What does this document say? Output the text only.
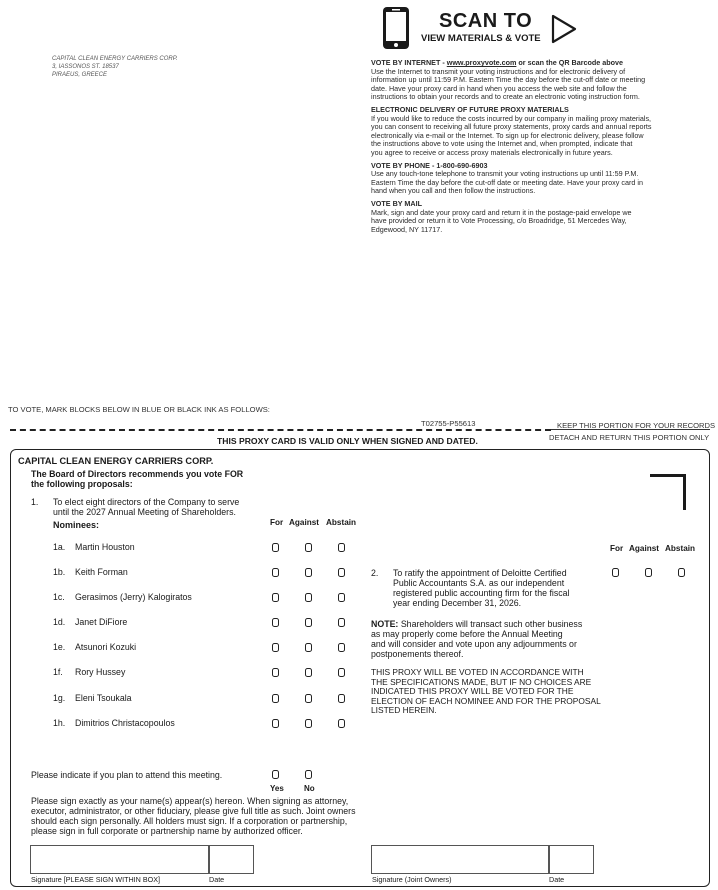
CAPITAL CLEAN ENERGY CARRIERS CORP.
3, IASSONOS ST. 18537
PIRAEUS, GREECE
SCAN TO
VIEW MATERIALS & VOTE
VOTE BY INTERNET - www.proxyvote.com or scan the QR Barcode above
Use the Internet to transmit your voting instructions and for electronic delivery of
information up until 11:59 P.M. Eastern Time the day before the cut-off date or meeting
date. Have your proxy card in hand when you access the web site and follow the
instructions to obtain your records and to create an electronic voting instruction form.
ELECTRONIC DELIVERY OF FUTURE PROXY MATERIALS
If you would like to reduce the costs incurred by our company in mailing proxy materials,
you can consent to receiving all future proxy statements, proxy cards and annual reports
electronically via e-mail or the Internet. To sign up for electronic delivery, please follow
the instructions above to vote using the Internet and, when prompted, indicate that
you agree to receive or access proxy materials electronically in future years.
VOTE BY PHONE - 1-800-690-6903
Use any touch-tone telephone to transmit your voting instructions up until 11:59 P.M.
Eastern Time the day before the cut-off date or meeting date. Have your proxy card in
hand when you call and then follow the instructions.
VOTE BY MAIL
Mark, sign and date your proxy card and return it in the postage-paid envelope we
have provided or return it to Vote Processing, c/o Broadridge, 51 Mercedes Way,
Edgewood, NY 11717.
TO VOTE, MARK BLOCKS BELOW IN BLUE OR BLACK INK AS FOLLOWS:
T02755-P55613	KEEP THIS PORTION FOR YOUR RECORDS
THIS PROXY CARD IS VALID ONLY WHEN SIGNED AND DATED.	DETACH AND RETURN THIS PORTION ONLY
CAPITAL CLEAN ENERGY CARRIERS CORP.
The Board of Directors recommends you vote FOR
the following proposals:
1. To elect eight directors of the Company to serve
until the 2027 Annual Meeting of Shareholders.
Nominees:	For Against Abstain
1a. Martin Houston
1b. Keith Forman
1c. Gerasimos (Jerry) Kalogiratos
1d. Janet DiFiore
1e. Atsunori Kozuki
1f. Rory Hussey
1g. Eleni Tsoukala
1h. Dimitrios Christacopoulos
For Against Abstain
2. To ratify the appointment of Deloitte Certified
Public Accountants S.A. as our independent
registered public accounting firm for the fiscal
year ending December 31, 2026.
NOTE: Shareholders will transact such other business
as may properly come before the Annual Meeting
and will consider and vote upon any adjournments or
postponements thereof.
THIS PROXY WILL BE VOTED IN ACCORDANCE WITH
THE SPECIFICATIONS MADE, BUT IF NO CHOICES ARE
INDICATED THIS PROXY WILL BE VOTED FOR THE
ELECTION OF EACH NOMINEE AND FOR THE PROPOSAL
LISTED HEREIN.
Please indicate if you plan to attend this meeting.
Yes	No
Please sign exactly as your name(s) appear(s) hereon. When signing as attorney,
executor, administrator, or other fiduciary, please give full title as such. Joint owners
should each sign personally. All holders must sign. If a corporation or partnership,
please sign in full corporate or partnership name by authorized officer.
Signature [PLEASE SIGN WITHIN BOX]	Date	Signature (Joint Owners)	Date
